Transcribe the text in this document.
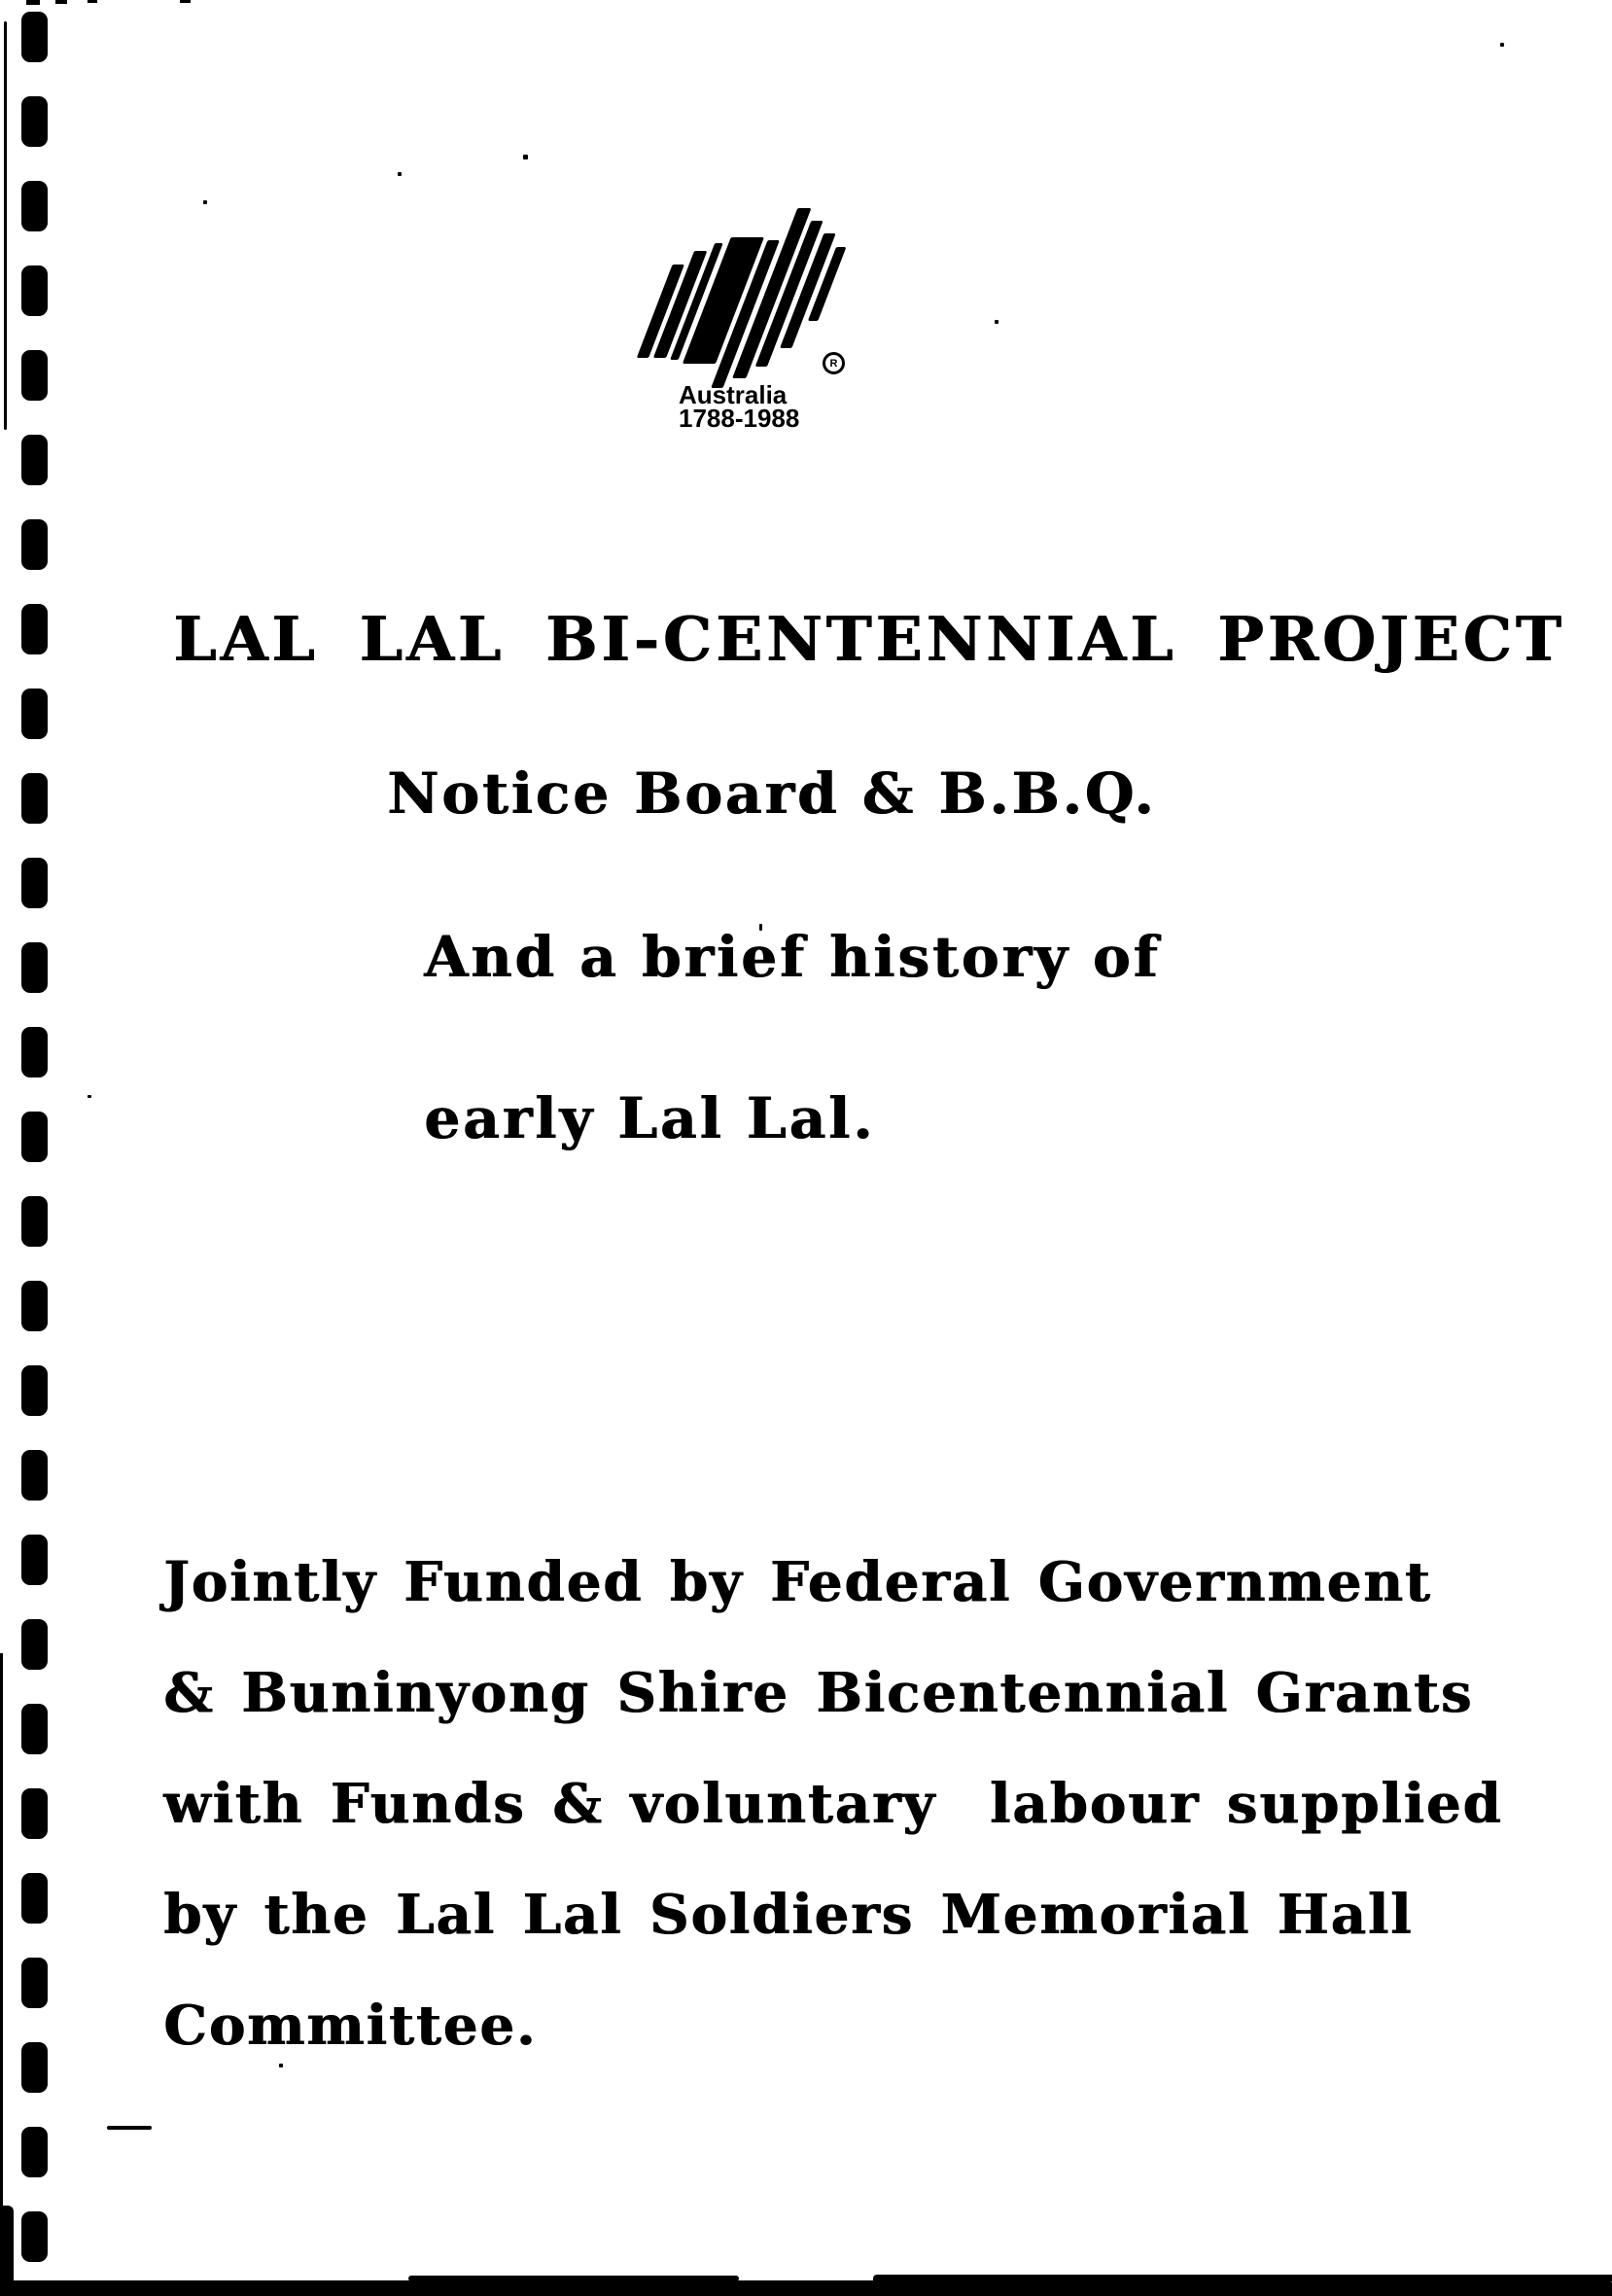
R
Australia
1788-1988
LAL LAL BI-CENTENNIAL PROJECT
Notice Board & B.B.Q.
And a brief history of
early Lal Lal.
Jointly Funded by Federal Government
& Buninyong Shire Bicentennial Grants
with Funds & voluntary  labour supplied
by the Lal Lal Soldiers Memorial Hall
Committee.
